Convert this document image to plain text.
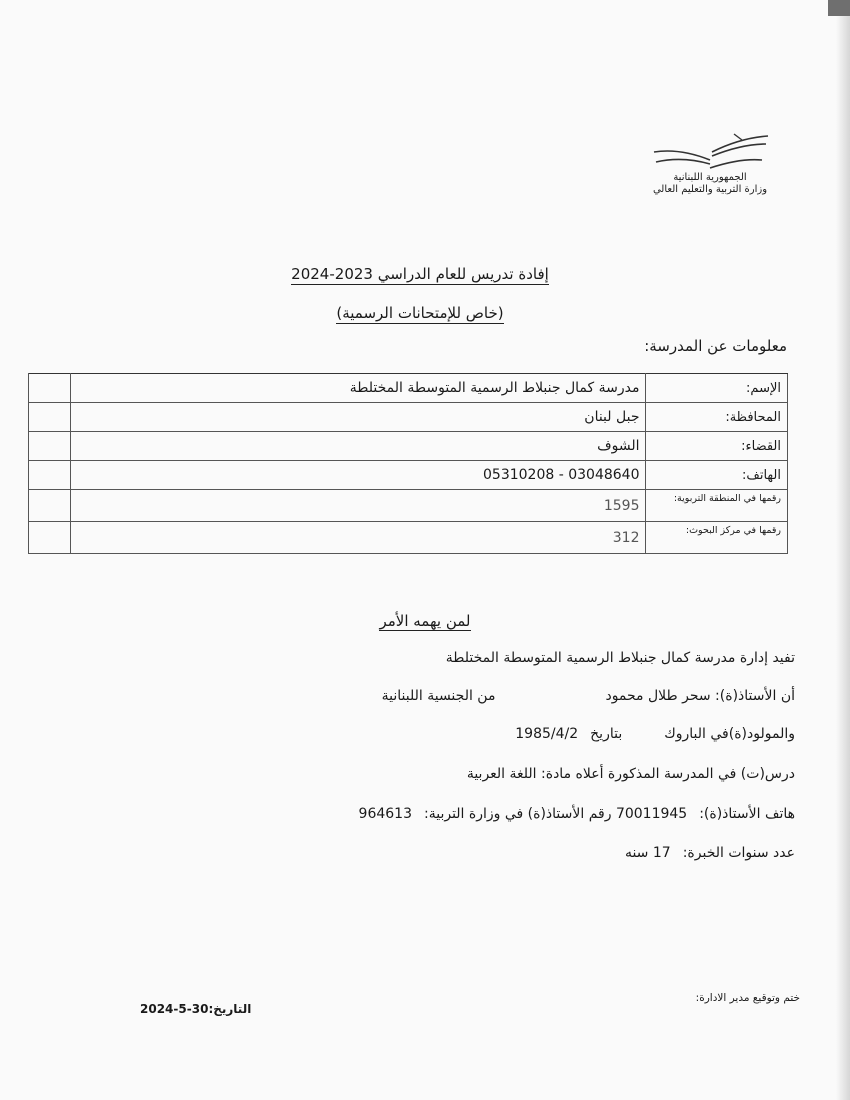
الجمهورية اللبنانية
وزارة التربية والتعليم العالي
إفادة تدريس للعام الدراسي 2023-2024
(خاص للإمتحانات الرسمية)
معلومات عن المدرسة:
الإسم:	مدرسة كمال جنبلاط الرسمية المتوسطة المختلطة	
المحافظة:	جبل لبنان	
القضاء:	الشوف	
الهاتف:	03048640 - 05310208	
رقمها في المنطقة التربوية:	1595	
رقمها في مركز البحوث:	312	
لمن يهمه الأمر
تفيد إدارة مدرسة كمال جنبلاط الرسمية المتوسطة المختلطة
أن الأستاذ(ة): سحر طلال محمودمن الجنسية اللبنانية
والمولود(ة)في الباروكبتاريخ1985/4/2
درس(ت) في المدرسة المذكورة أعلاه مادة: اللغة العربية
هاتف الأستاذ(ة):70011945 رقم الأستاذ(ة) في وزارة التربية:964613
عدد سنوات الخبرة:17 سنه
ختم وتوقيع مدير الادارة:
التاريخ:30-5-2024
